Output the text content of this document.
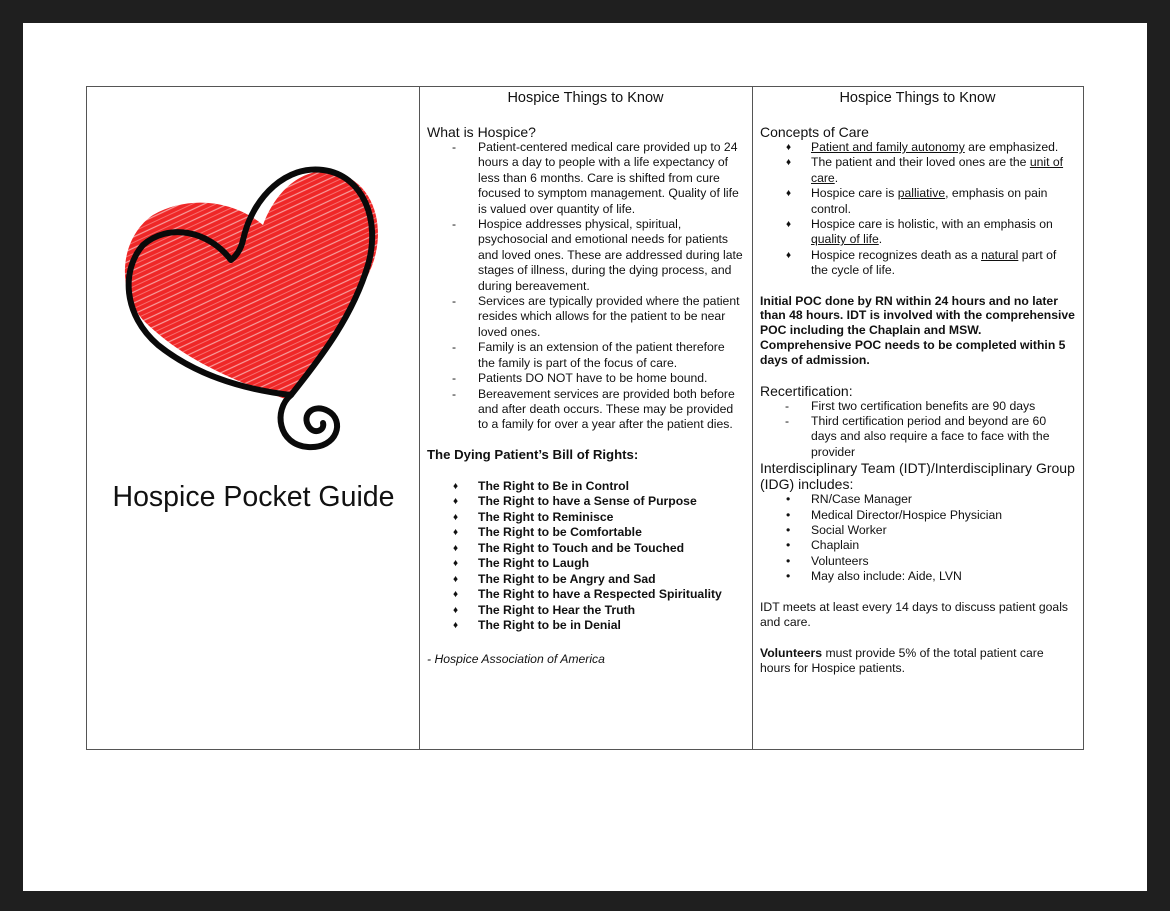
Hospice Pocket Guide
Hospice Things to Know

What is Hospice?

- Patient-centered medical care provided up to 24 hours a day to people with a life expectancy of less than 6 months. Care is shifted from cure focused to symptom management. Quality of life is valued over quantity of life.
- Hospice addresses physical, spiritual, psychosocial and emotional needs for patients and loved ones. These are addressed during late stages of illness, during the dying process, and during bereavement.
- Services are typically provided where the patient resides which allows for the patient to be near loved ones.
- Family is an extension of the patient therefore the family is part of the focus of care.
- Patients DO NOT have to be home bound.
- Bereavement services are provided both before and after death occurs. These may be provided to a family for over a year after the patient dies.
The Dying Patient’s Bill of Rights:
♦ The Right to Be in Control
♦ The Right to have a Sense of Purpose
♦ The Right to Reminisce
♦ The Right to be Comfortable
♦ The Right to Touch and be Touched
♦ The Right to Laugh
♦ The Right to be Angry and Sad
♦ The Right to have a Respected Spirituality
♦ The Right to Hear the Truth
♦ The Right to be in Denial
- Hospice Association of America
Hospice Things to Know

Concepts of Care

♦ Patient and family autonomy are emphasized.
♦ The patient and their loved ones are the unit of care.
♦ Hospice care is palliative, emphasis on pain control.
♦ Hospice care is holistic, with an emphasis on quality of life.
♦ Hospice recognizes death as a natural part of the cycle of life.
Initial POC done by RN within 24 hours and no later than 48 hours. IDT is involved with the comprehensive POC including the Chaplain and MSW. Comprehensive POC needs to be completed within 5 days of admission.

Recertification:

- First two certification benefits are 90 days
- Third certification period and beyond are 60 days and also require a face to face with the provider

Interdisciplinary Team (IDT)/Interdisciplinary Group (IDG) includes:

• RN/Case Manager
• Medical Director/Hospice Physician
• Social Worker
• Chaplain
• Volunteers
• May also include: Aide, LVN
IDT meets at least every 14 days to discuss patient goals and care.
Volunteers must provide 5% of the total patient care hours for Hospice patients.
